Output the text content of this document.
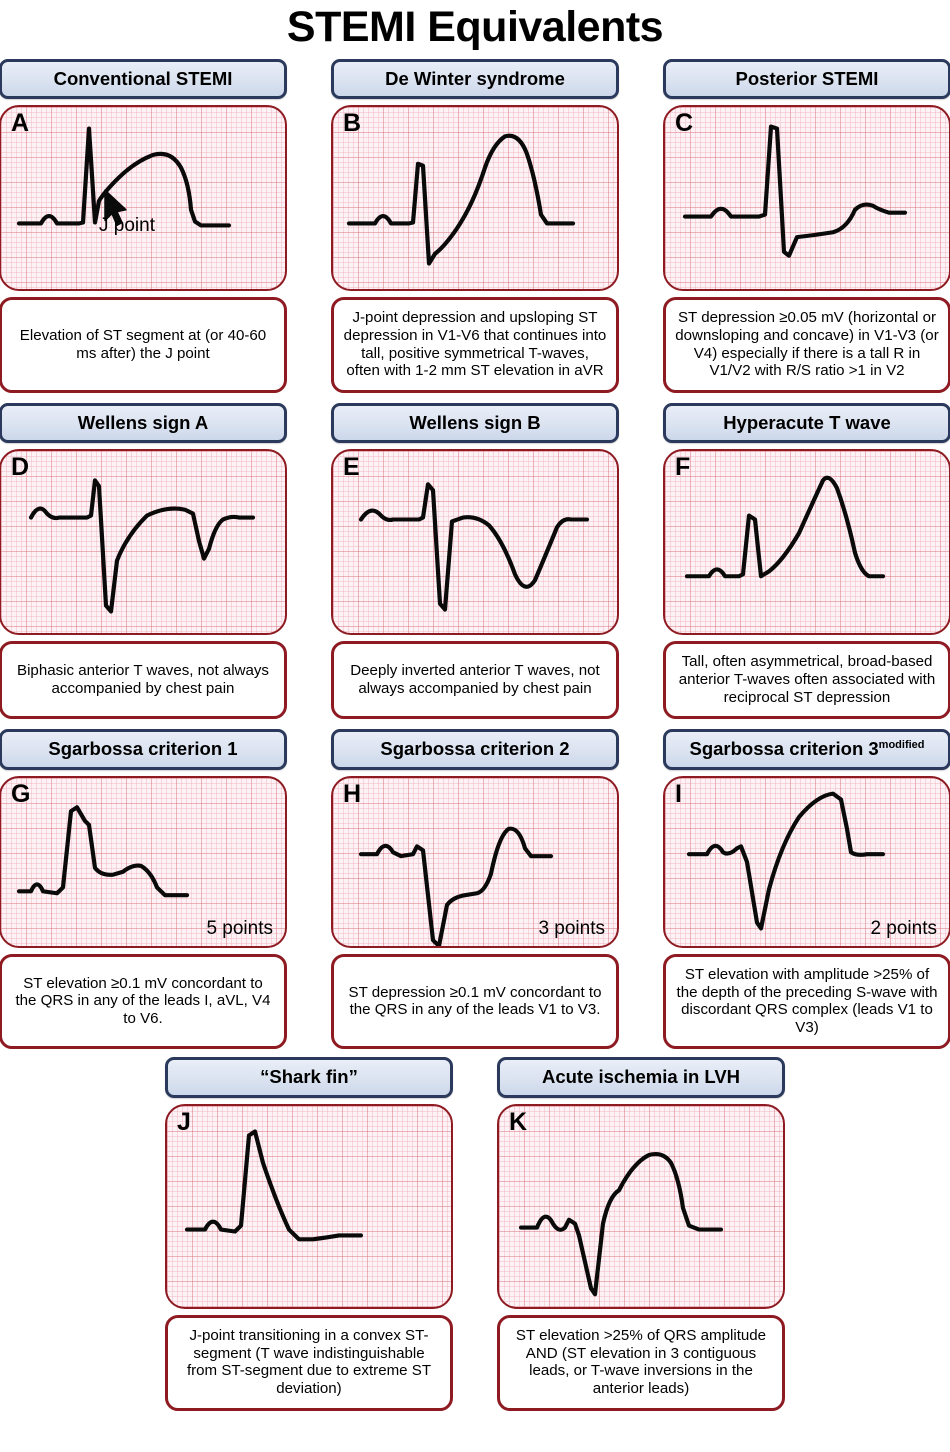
STEMI Equivalents
Conventional STEMI
A
J point
Elevation of ST segment at (or 40-60 ms after) the J point
De Winter syndrome
B
J-point depression and upsloping ST depression in V1-V6 that continues into tall, positive symmetrical T-waves, often with 1-2 mm ST elevation in aVR
Posterior STEMI
C
ST depression ≥0.05 mV (horizontal or downsloping and concave) in V1-V3 (or V4) especially if there is a tall R in V1/V2 with R/S ratio >1 in V2
Wellens sign A
D
Biphasic anterior T waves, not always accompanied by chest pain
Wellens sign B
E
Deeply inverted anterior T waves, not always accompanied by chest pain
Hyperacute T wave
F
Tall, often asymmetrical, broad-based anterior T-waves often associated with reciprocal ST depression
Sgarbossa criterion 1
G
5 points
ST elevation ≥0.1 mV concordant to the QRS in any of the leads I, aVL, V4 to V6.
Sgarbossa criterion 2
H
3 points
ST depression ≥0.1 mV concordant to the QRS in any of the leads V1 to V3.
Sgarbossa criterion $3^{modified}$
I
2 points
ST elevation with amplitude >25% of the depth of the preceding S-wave with discordant QRS complex (leads V1 to V3)
“Shark fin”
J
J-point transitioning in a convex ST-segment (T wave indistinguishable from ST-segment due to extreme ST deviation)
Acute ischemia in LVH
K
ST elevation >25% of QRS amplitude AND (ST elevation in 3 contiguous leads, or T-wave inversions in the anterior leads)
